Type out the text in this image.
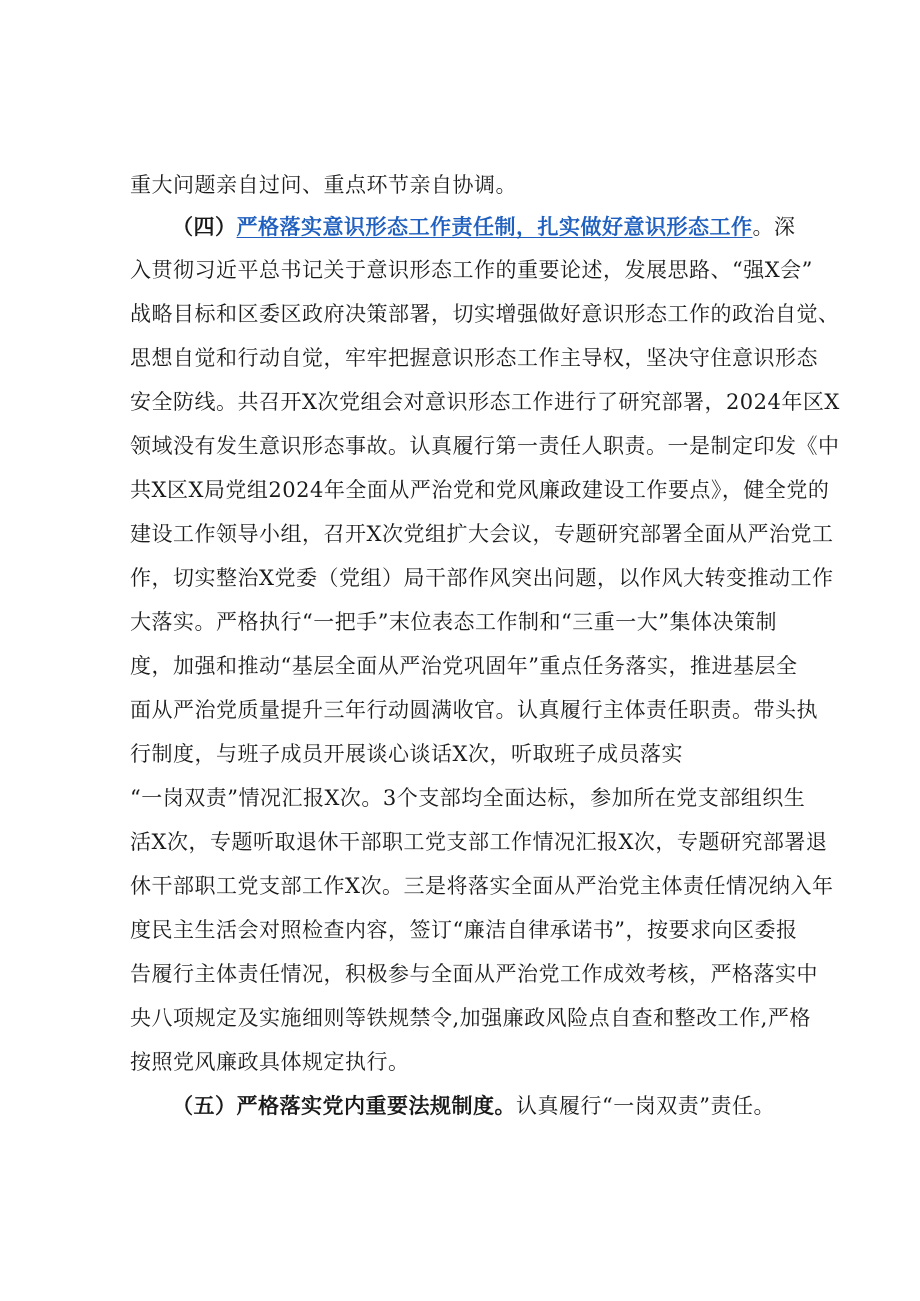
重大问题亲自过问、重点环节亲自协调。
（四）严格落实意识形态工作责任制，扎实做好意识形态工作。深
入贯彻习近平总书记关于意识形态工作的重要论述，发展思路、“强X会”
战略目标和区委区政府决策部署，切实增强做好意识形态工作的政治自觉、
思想自觉和行动自觉，牢牢把握意识形态工作主导权，坚决守住意识形态
安全防线。共召开X次党组会对意识形态工作进行了研究部署，2024年区X
领域没有发生意识形态事故。认真履行第一责任人职责。一是制定印发《中
共X区X局党组2024年全面从严治党和党风廉政建设工作要点》，健全党的
建设工作领导小组，召开X次党组扩大会议，专题研究部署全面从严治党工
作，切实整治X党委（党组）局干部作风突出问题，以作风大转变推动工作
大落实。严格执行“一把手”末位表态工作制和“三重一大”集体决策制
度，加强和推动“基层全面从严治党巩固年”重点任务落实，推进基层全
面从严治党质量提升三年行动圆满收官。认真履行主体责任职责。带头执
行制度，与班子成员开展谈心谈话X次，听取班子成员落实
“一岗双责”情况汇报X次。3个支部均全面达标，参加所在党支部组织生
活X次，专题听取退休干部职工党支部工作情况汇报X次，专题研究部署退
休干部职工党支部工作X次。三是将落实全面从严治党主体责任情况纳入年
度民主生活会对照检查内容，签订“廉洁自律承诺书”，按要求向区委报
告履行主体责任情况，积极参与全面从严治党工作成效考核，严格落实中
央八项规定及实施细则等铁规禁令,加强廉政风险点自查和整改工作,严格
按照党风廉政具体规定执行。
（五）严格落实党内重要法规制度。认真履行“一岗双责”责任。
